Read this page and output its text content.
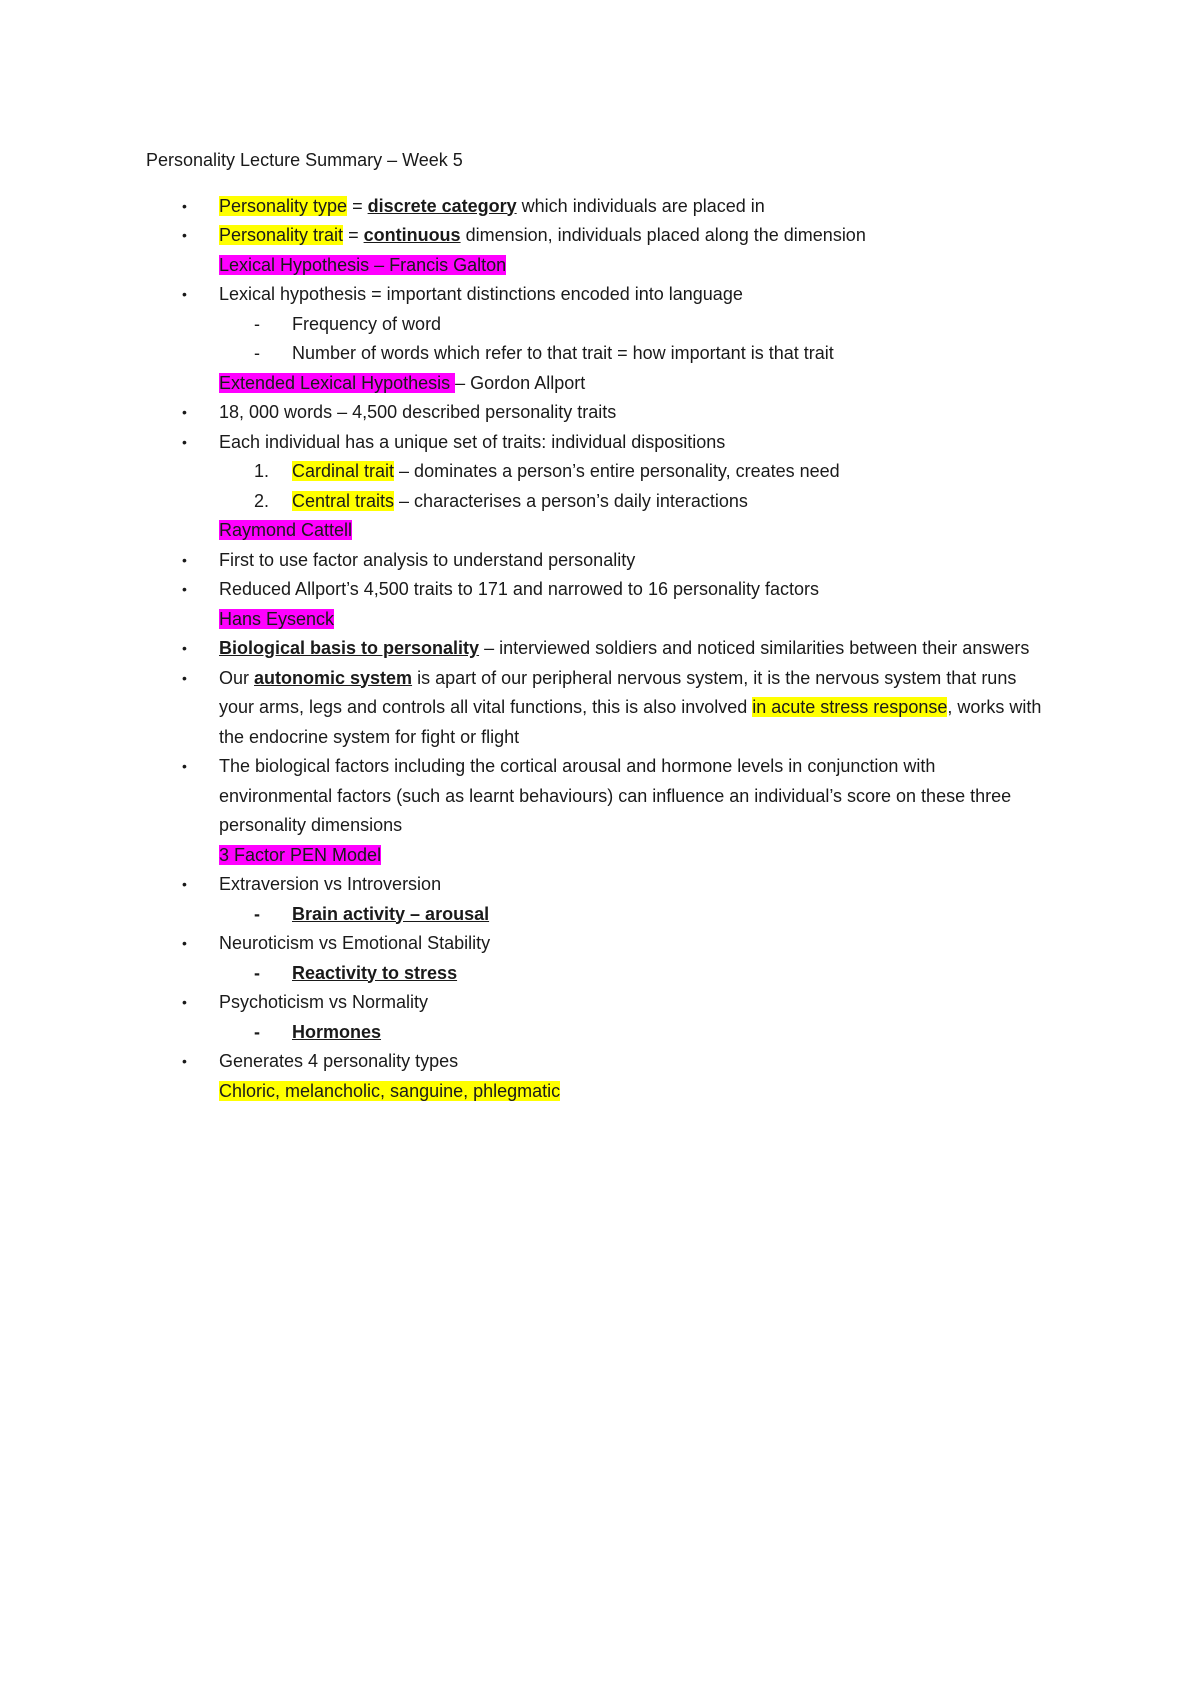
Personality Lecture Summary – Week 5
• Personality type = discrete category which individuals are placed in
• Personality trait = continuous dimension, individuals placed along the dimension
Lexical Hypothesis – Francis Galton
• Lexical hypothesis = important distinctions encoded into language
- Frequency of word
- Number of words which refer to that trait = how important is that trait
Extended Lexical Hypothesis – Gordon Allport
• 18, 000 words – 4,500 described personality traits
• Each individual has a unique set of traits: individual dispositions
1. Cardinal trait – dominates a person’s entire personality, creates need
2. Central traits – characterises a person’s daily interactions
Raymond Cattell
• First to use factor analysis to understand personality
• Reduced Allport’s 4,500 traits to 171 and narrowed to 16 personality factors
Hans Eysenck
• Biological basis to personality – interviewed soldiers and noticed similarities between their answers
• Our autonomic system is apart of our peripheral nervous system, it is the nervous system that runs your arms, legs and controls all vital functions, this is also involved in acute stress response, works with the endocrine system for fight or flight
• The biological factors including the cortical arousal and hormone levels in conjunction with environmental factors (such as learnt behaviours) can influence an individual’s score on these three personality dimensions
3 Factor PEN Model
• Extraversion vs Introversion
- Brain activity – arousal
• Neuroticism vs Emotional Stability
- Reactivity to stress
• Psychoticism vs Normality
- Hormones
• Generates 4 personality types
Chloric, melancholic, sanguine, phlegmatic
